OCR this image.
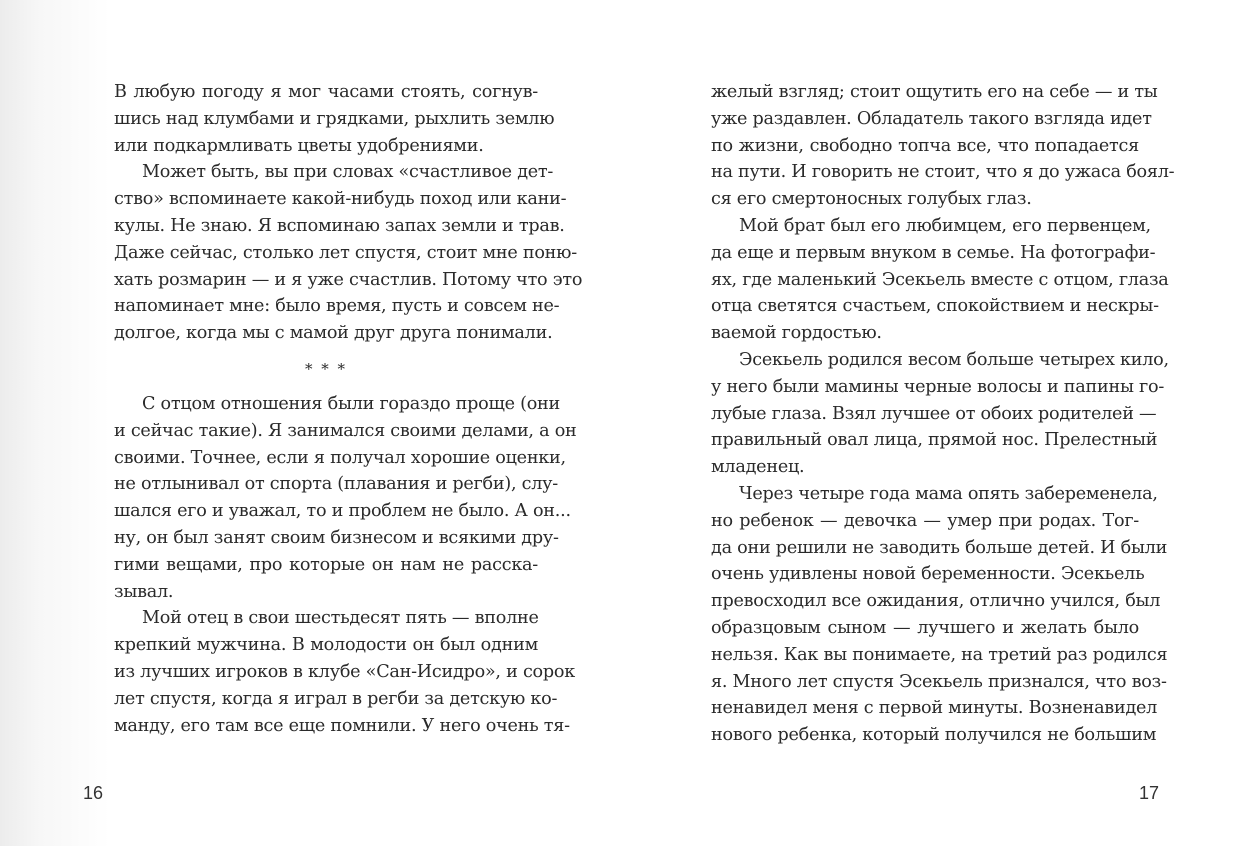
В любую погоду я мог часами стоять, согнув-
шись над клумбами и грядками, рыхлить землю
или подкармливать цветы удобрениями.
Может быть, вы при словах «счастливое дет-
ство» вспоминаете какой-нибудь поход или кани-
кулы. Не знаю. Я вспоминаю запах земли и трав.
Даже сейчас, столько лет спустя, стоит мне поню-
хать розмарин — и я уже счастлив. Потому что это
напоминает мне: было время, пусть и совсем не-
долгое, когда мы с мамой друг друга понимали.
* * *
С отцом отношения были гораздо проще (они
и сейчас такие). Я занимался своими делами, а он
своими. Точнее, если я получал хорошие оценки,
не отлынивал от спорта (плавания и регби), слу-
шался его и уважал, то и проблем не было. А он...
ну, он был занят своим бизнесом и всякими дру-
гими вещами, про которые он нам не расска-
зывал.
Мой отец в свои шестьдесят пять — вполне
крепкий мужчина. В молодости он был одним
из лучших игроков в клубе «Сан-Исидро», и сорок
лет спустя, когда я играл в регби за детскую ко-
манду, его там все еще помнили. У него очень тя-
16
желый взгляд; стоит ощутить его на себе — и ты
уже раздавлен. Обладатель такого взгляда идет
по жизни, свободно топча все, что попадается
на пути. И говорить не стоит, что я до ужаса боял-
ся его смертоносных голубых глаз.
Мой брат был его любимцем, его первенцем,
да еще и первым внуком в семье. На фотографи-
ях, где маленький Эсекьель вместе с отцом, глаза
отца светятся счастьем, спокойствием и нескры-
ваемой гордостью.
Эсекьель родился весом больше четырех кило,
у него были мамины черные волосы и папины го-
лубые глаза. Взял лучшее от обоих родителей —
правильный овал лица, прямой нос. Прелестный
младенец.
Через четыре года мама опять забеременела,
но ребенок — девочка — умер при родах. Тог-
да они решили не заводить больше детей. И были
очень удивлены новой беременности. Эсекьель
превосходил все ожидания, отлично учился, был
образцовым сыном — лучшего и желать было
нельзя. Как вы понимаете, на третий раз родился
я. Много лет спустя Эсекьель признался, что воз-
ненавидел меня с первой минуты. Возненавидел
нового ребенка, который получился не большим
17
